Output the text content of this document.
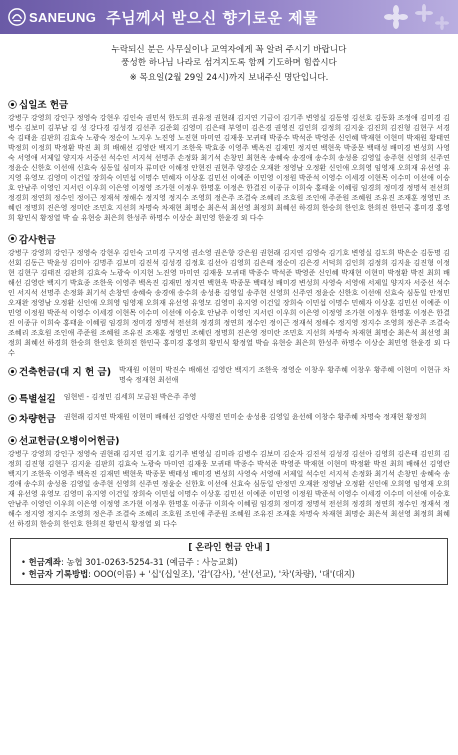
SANEUNG 주님께서 받으신 향기로운 제물
누락되신 분은 사무실이나 교역자에게 꼭 알려 주시기 바랍니다
풍성한 하나님 나라로 섬겨지도록 함께 기도하며 힘씁시다
※ 목요일(2월 29일 24시)까지 보내주신 명단입니다.
⦿ 십일조 헌금
강병구 강영희 강인구 정영숙 강현우 김인숙 권민석 한도희 권유정 권현래 김지연 기금이 김기주 변영실 김동영 김선호 김동화 조정애 김미경 김병수 김보미 김부남 김 성 강다경 김성경 김선주 김준회 김영미 김은태 부영미 김은경 권영진 김인희 김정희 김지윤 김진희 김진형 김현구 서경숙 김태윤 김판희 김효숙 노광숙 정순이 노지우 노진영 노진현 마미연 김재웅 모귀태 박종수 박석준 박영준 신인혜 박재현 이현미 박재원 황태연 박정희 이정희 박정환 박진 최 희 배해선 김영란 백지기 조한욱 박효종 이영주 백옥진 김재민 정지연 백현욱 박종문 백태성 배미경 변성희 사영숙 서영애 서제일 양지자 서중선 석수인 서지석 선명주 손정화 최기석 손창민 최현옥 송혜숙 송경애 송수희 송성용 김영일 송주현 신영희 신주연 정윤순 신한호 이선애 신효숙 심동일 심미자 류미란 이해정 안현진 권현주 양경순 오재완 정영남 오정환 신인애 오희영 임영재 오희재 유선영 유지영 유영모 김영미 이건일 장희숙 이민섭 이명수 민혜자 이상훈 김민선 이예준 이민영 이정원 박준석 이영수 이세경 이현목 이수미 이선애 이승호 안남주 이영인 지서린 이우희 이은영 이정영 조가현 이정우 한명훈 이정은 한결진 이종규 이희숙 홍태윤 이혜림 임경희 정미경 정명석 전선희 정경희 정연희 정수인 정이근 정재석 정해수 정지영 정지수 조영희 정은주 조결숙 조혜리 조호원 조인애 주준원 조혜원 조유진 조재훈 정영민 조혜린 정명희 진은영 정미란 조민호 지선희 차명숙 차재현 최명순 최은석 최선영 최정희 최혜선 하경희 한승희 한인호 한희진 한민국 홍미경 홍영희 황민식 황정열 박 슬 유현승 최은희 한성주 하명수 이상순 최민영 한윤경 외 다수
⦿ 감사헌금
강병구 강영희 강인구 정영숙 강현우 김인숙 고미경 구지영 권소영 권은향 강은원 권현래 김지연 김영숙 김기호 변영실 김도희 박은순 김동명 김선회 김동근 박윤성 김미아 김명주 김보미 김진석 김성경 김정호 김선아 김영희 김은태 정순미 김은경 서덕희 김인희 김정희 김지윤 김진형 이정현 김현구 김태진 김판희 김효숙 노광숙 이지현 노진영 마미연 김재웅 모귀태 박종수 박석준 박영준 신인혜 박재현 이현미 박정환 박진 최희 배해선 김영란 백지기 박효종 조한욱 이영주 백옥진 김재민 정지연 백현욱 박종문 백태성 배미경 변성희 사영숙 서영애 서제일 양지자 서중선 석수인 서지석 선명주 손정화 최기석 손창민 송혜숙 송경애 송수희 송성용 김영일 송주현 신영희 신주연 정윤순 신한호 이선애 신효숙 심동일 안정민 오재완 정영남 오정환 신인애 오희영 임영재 오희재 유선영 유영모 김영미 유지영 이건일 장희숙 이민섭 이명수 민혜자 이상훈 김민선 이예준 이민영 이정원 박준석 이영수 이세경 이현목 이수미 이선애 이승호 안남주 이영인 지서린 이우희 이은영 이정영 조가현 이정우 한명훈 이정은 한결진 이종규 이희숙 홍태윤 이혜림 임경희 정미경 정명석 전선희 정경희 정연희 정수인 정이근 정재석 정해수 정지영 정지수 조영희 정은주 조결숙 조혜리 조호원 조인애 주준원 조혜원 조유진 조재훈 정영민 조혜린 정명희 진은영 정미란 조민호 지선희 차명숙 차재현 최명순 최은석 최선영 최정희 최혜선 하경희 한승희 한인호 한희진 한민국 홍미경 홍영희 황민식 황정열 박슬 유현승 최은희 한성주 하명수 이상순 최민영 한윤경 외 다수
⦿ 건축헌금(대 지 헌 금) 박재원 이현미 박진수 배해선 김영란 백지기 조한욱 정영순 이창우 황주혜 이창우 황주혜 이현미 이현규 차명숙 정재현 최선애
⦿ 특별설길 임현빈 - 김정민 김세희 모금된 박은주 주영
⦿ 차량헌금 권현래 김지연 박재원 이현미 배해선 김영란 사행진 민미순 송성용 김영일 윤선혜 이창수 황주혜 차명숙 정재현 황정희
⦿ 선교헌금(오병이어헌금)
강병구 강영희 강인구 정영숙 권현래 김지연 김기호 김기주 변영실 김미라 김병수 김보미 김순자 김진석 김성경 김선아 김영희 김은태 김인희 김정희 김진형 김현구 김지윤 김판희 김효숙 노광숙 마미연 김재웅 모귀태 박종수 박석준 박영준 박재현 이현미 박정환 박진 최희 배해선 김영란 백지기 조한욱 이영주 백옥진 김재민 백현욱 박종문 백태성 배미경 변성희 사영숙 서영애 서제일 석수인 서지석 손정화 최기석 손창민 송혜숙 송경애 송수희 송성용 김영일 송주현 신영희 신주연 정윤순 신한호 이선애 신효숙 심동일 안정민 오재완 정영남 오정환 신인애 오희영 임영재 오희재 유선영 유영모 김영미 유지영 이건일 장희숙 이민섭 이명수 이상훈 김민선 이예준 이민영 이정원 박준석 이영수 이세경 이수미 이선애 이승호 안남주 이영인 이우희 이은영 이정영 조가현 이정우 한명훈 이종규 이희숙 이혜림 임경희 정미경 정명석 전선희 정경희 정연희 정수인 정재석 정해수 정지영 정지수 조영희 정은주 조결숙 조혜리 조호원 조인애 주준원 조혜원 조유진 조재훈 차명숙 차재현 최명순 최은석 최선영 최정희 최혜선 하경희 한승희 한인호 한희진 황민식 황정열 외 다수
[ 온라인 헌금 안내 ]
• 헌금계좌: 농협 301-0263-5254-31 (예금주 : 사능교회)
• 헌금자 기록방법: OOO(이름) + '십'(십일조), '감'(감사), '선'(선교), '차'(차량), '대'(대지)
